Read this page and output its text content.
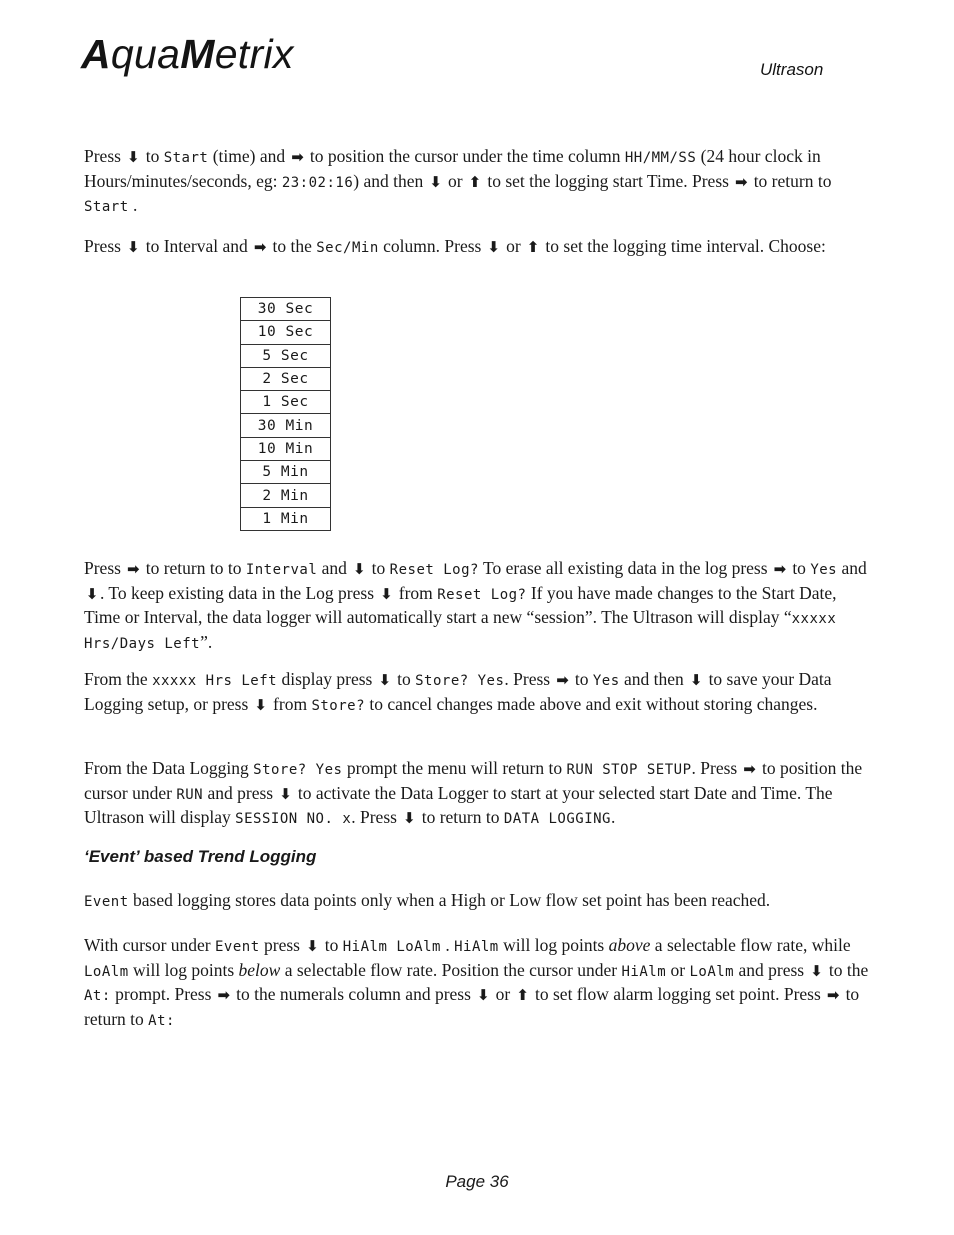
AquaMetrix	Ultrason

Press ⬇ to Start (time) and ➡ to position the cursor under the time column HH/MM/SS (24 hour clock in Hours/minutes/seconds, eg: 23:02:16) and then ⬇ or ⬆ to set the logging start Time. Press ➡ to return to Start .

Press ⬇ to Interval and ➡ to the Sec/Min column. Press ⬇ or ⬆ to set the logging time interval. Choose:

30 Sec
10 Sec
5 Sec
2 Sec
1 Sec
30 Min
10 Min
5 Min
2 Min
1 Min

Press ➡ to return to to Interval and ⬇ to Reset Log? To erase all existing data in the log press ➡ to Yes and ⬇. To keep existing data in the Log press ⬇ from Reset Log? If you have made changes to the Start Date, Time or Interval, the data logger will automatically start a new “session”. The Ultrason will display “xxxxx Hrs/Days Left”.

From the xxxxx Hrs Left display press ⬇ to Store? Yes. Press ➡ to Yes and then ⬇ to save your Data Logging setup, or press ⬇ from Store? to cancel changes made above and exit without storing changes.

From the Data Logging Store? Yes prompt the menu will return to RUN STOP SETUP. Press ➡ to position the cursor under RUN and press ⬇ to activate the Data Logger to start at your selected start Date and Time. The Ultrason will display SESSION NO. x. Press ⬇ to return to DATA LOGGING.

‘Event’ based Trend Logging

Event based logging stores data points only when a High or Low flow set point has been reached.

With cursor under Event press ⬇ to HiAlm LoAlm . HiAlm will log points above a selectable flow rate, while LoAlm will log points below a selectable flow rate. Position the cursor under HiAlm or LoAlm and press ⬇ to the At: prompt. Press ➡ to the numerals column and press ⬇ or ⬆ to set flow alarm logging set point. Press ➡ to return to At:

Page 36
